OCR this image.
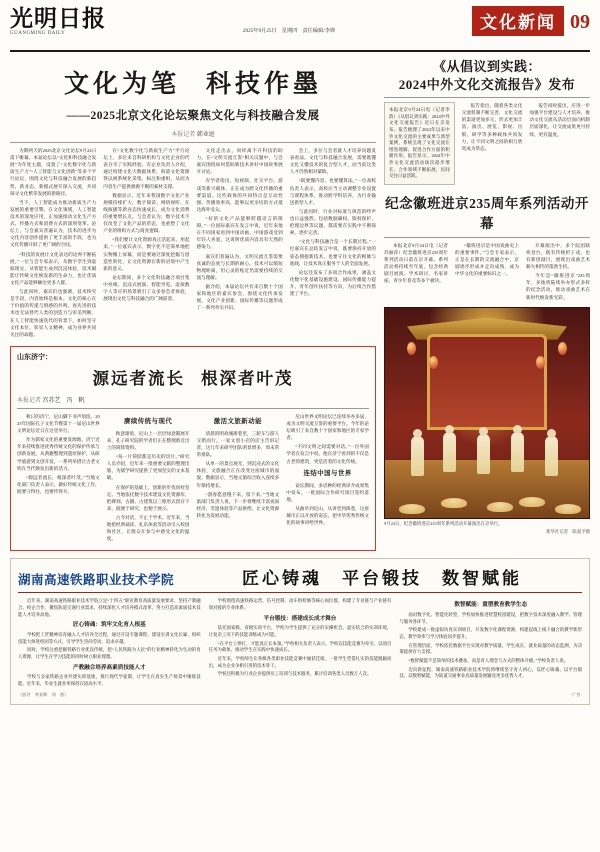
光明日报
GUANGMING DAILY	2025年9月25日　星期四　责任编辑/李婵	文化新闻 09
文化为笔 科技作墨
——2025北京文化论坛聚焦文化与科技融合发展
本报记者 韩业庭

为期两天的2025北京文化论坛9月24日落下帷幕。本届论坛以“文化和科技融合发展”为年度主题，设置了“文化数字化与新质生产力”“人工智能与文化创新”等多个平行论坛，围绕文化与科技融合发展的新趋势、新业态、新模式展开深入交流，共同探寻文化繁荣发展的新路径。

当下，人工智能成为推动新质生产力发展的重要引擎。在文化领域，人工智能技术的深度应用，正加速推动文化生产方式、传播方式和消费方式的深刻变革。论坛上，与会嘉宾普遍认为，技术的进步为文化内容创作提供了更丰富的手段，也为文化传播开辟了更广阔的空间。

“科技的发展让文化表达的边界不断拓展。”一位与会专家表示，从数字孪生到虚拟现实，从智能生成到沉浸体验，技术赋能让传统文化焕发新的生命力，也让优质文化产品能够触达更多人群。

与此同时，嘉宾们也强调，技术终究是手段，内容始终是根本。文化的核心在于价值的传递与情感的共鸣，再先进的技术也无法替代人类的创造力与审美判断。在人工智能快速迭代的背景下，如何坚守文化本位、彰显人文精神，成为业界共同关注的命题。

在“文化数字化与新质生产力”平行论坛上，多位来自科研机构与文化企业的代表分享了实践经验。有企业负责人介绍，通过构建文化大数据体系，海量文化资源得以被系统化采集、标注和重组，从而为内容生产提供源源不断的素材支撑。

数据显示，近年来我国数字文化产业规模持续扩大，数字阅读、网络视听、在线演播等新业态快速成长，成为文化消费的重要增长点。与会者认为，数字技术不仅改变了文化产品的形态，也重塑了文化产业的组织方式与商业逻辑。

“我们要让文化资源真正活起来、用起来。”一位嘉宾表示，数字化不是简单地把实物搬上屏幕，而是要通过深度挖掘与创造性转化，让文化资源在新的语境中产生新的意义。

论坛期间，多个文化科技融合项目集中亮相。沉浸式展演、智能导览、虚拟数字人等应用场景吸引了众多参会者体验，展现出文化与科技融合的广阔前景。

文化走出去，同样离不开科技的助力。在“文明交流互鉴”相关议题中，与会嘉宾围绕如何借助新技术讲好中国故事展开讨论。

有学者指出，短视频、社交平台、游戏等新兴载体，正在成为跨文化传播的重要渠道。这些载体的共同特点是互动性强、传播效率高，能够以更亲切的方式抵达海外受众。

“好的文化产品能够跨越语言的障碍。”一位国际嘉宾在发言中说，近年来他在不同国家看到中国动画、中国游戏受到年轻人喜爱，这说明优质内容具有天然的感染力。

嘉宾们普遍认为，文明交流互鉴需要真诚的态度与长期的耐心。技术可以缩短物理距离，但心灵的贴近仍需要持续的交流与理解。

据介绍，本届论坛共有来自数十个国家和地区的嘉宾参会，围绕文化传承发展、文化产业创新、国际传播等议题形成了一系列务实共识。

会上，多位与会者就人才培养问题发表看法。文化与科技融合发展，需要既懂文化又懂技术的复合型人才，而当前这类人才仍然相对紧缺。

“既要懂内容，也要懂算法。”一位高校负责人表示，高校应当主动调整专业设置与课程体系，推动跨学科培养，为行业输送新型人才。

与此同时，行业对标准与规范的呼声也日益强烈。包括数据确权、版权保护、伦理边界等议题，都需要在实践中不断探索、逐步完善。

“文化与科技融合是一个长期过程。”一位嘉宾在总结发言中说，既要保持开放的姿态拥抱新技术，也要守住文化的根脉与底线，让技术真正服务于人的全面发展。

论坛还发布了多项合作成果，涵盖文化数字化基础设施建设、国际传播能力提升、青年创作扶持等方向，为后续合作搭建了平台。

山东济宁：
源远者流长 根深者叶茂
本报记者 宫苏艺　冯　帆

秋日的济宁，尼山脚下书声琅琅。2025年国际孔子文化节暨第十一届尼山世界文明论坛近日在这里举行。

作为儒家文化的重要发源地，济宁近年来持续推进优秀传统文化的保护传承与创新发展。从典籍整理到遗址保护，从研学旅游到文创开发，一系列举措让古老文明在当代焕发出新的活力。

“源远者流长，根深者叶茂。”当地文化部门负责人表示，做好传统文化工作，既要守得住，也要传得开。

赓续传统与现代

秋意渐浓，尼山上一层层绿意铺展开来，孔子研究院的学者们正在整理新近出土的简牍资料。

“每一片简牍都是历史的切片。”研究人员介绍，近年来一批重要文献的整理出版，为儒学研究提供了更加坚实的文本基础。

在保护的基础上，创新的步伐同样坚定。当地依托数字技术建设文化资源库，把碑刻、古籍、古建筑以三维形式留存下来，既便于研究，也便于展示。

古今对话，不止于学术。近年来，当地把经典诵读、礼乐体验等活动引入校园和社区，让群众在参与中感受文化的温度。

激活文旅新动能

清晨的明故城街巷里，三轮车与游人交错而行。一家文创小店的店主告诉记者，这几年来研学团队明显增多，周末常常排队。

从单一的景点观光，到沉浸式的文化体验，文旅融合正在改变这座城市的面貌。数据显示，当地文旅综合收入连续多年保持增长。

“游客愿意慢下来，留下来。”当地文旅部门负责人说，下一步将继续丰富夜间经济、非遗体验等产品供给，让文化资源转化为发展动能。

尼山世界文明论坛已连续举办多届，成为文明交流互鉴的重要平台。今年的论坛吸引了来自数十个国家和地区的专家学者。

“不同文明之间需要对话。”一位外国学者在发言中说，他在济宁看到的不仅是古老的建筑，更是活着的文化传统。

连结中国与世界

论坛期间，多语种的经典译介成果集中发布，一批国际合作研究项目签约落地。

从曲阜到尼山，从讲堂到街巷，这座城市正以开放的姿态，把中华优秀传统文化的故事讲给世界。

《从倡议到实践：
2024中外文化交流报告》发布
本报北京9月24日电（记者李韵）《从倡议到实践：2024中外文化交流报告》近日在京发布。报告梳理了2024年以来中外文化交流的主要成果与典型案例，系统呈现了文化交流在增进理解、促进合作方面的积极作用。报告显示，2024年中外文化交流活动场次稳步增长，合作领域不断拓展，民间交往日益活跃。

报告指出，随着各类文化交流机制不断完善，文化交流的渠道更加多元、形式更加丰富。演出、展览、影视、出版、研学等多种载体共同发力，让不同文明之间的相互欣赏成为常态。

报告同时提出，应进一步加强平台建设与人才培养，推动文化交流从活动层面向机制层面深化，让交流成果更可持续、更有温度。

纪念徽班进京235周年系列活动开幕

本报北京9月24日电（记者苏丽萍）纪念徽班进京235周年系列活动日前在京开幕。系列活动将持续至年底，包含经典剧目展演、学术研讨、名家讲座、青少年普及等多个板块。

“徽班进京是中国戏曲史上的重要事件。”与会专家表示，正是在长期的交流融合中，京剧逐步形成并走向成熟，成为中华文化的重要标识之一。

开幕演出中，多个院团联袂登台，既有传统折子戏，也有新创剧目，展现出戏曲艺术薪火相传的蓬勃生机。

今年是“徽班进京”235周年，多地将陆续举办形式多样的纪念活动，推动戏曲艺术在新时代焕发新光彩。

9月24日，纪念徽班进京235周年系列活动开幕演出在京举行。
新华社记者　陈爱平摄
湖南高速铁路职业技术学院	匠心铸魂 平台锻技 数智赋能

近年来，湖南高速铁路职业技术学院立足“十四五”职业教育高质量发展要求，坚持产教融合、校企合作，聚焦轨道交通行业需求，持续深化人才培养模式改革，努力打造高素质技术技能人才培养高地。

匠心铸魂：筑牢文化育人根基

学校把工匠精神培育融入人才培养全过程，通过开设专题课程、建设实训文化长廊、组织技能大师进校园等方式，引导学生崇尚劳动、追求卓越。

同时，学校注重挖掘铁路行业优良传统，把“人民铁路为人民”的行业精神转化为生动的育人资源，让学生在学习技能的同时树立职业理想。

产教融合培养高素质技能人才

学校与多家铁路企业共建实训基地，推行现代学徒制，让学生在真实生产场景中锤炼技能。近年来，毕业生就业率保持在较高水平。

学校围绕高速铁路运营、信号控制、动车组检修等核心岗位群，构建了专业链与产业链有效对接的专业体系。

平台锻技：搭建成长成才舞台

依托国家级、省级实训平台，学校为学生提供了充分的实操机会。虚实结合的实训环境，让复杂工况下的技能训练成为可能。

“在平台上摔打，才能真正长本领。”学校相关负责人表示，学校以技能竞赛为牵引，以项目任务为载体，推动学生在实践中快速成长。

近年来，学校师生在各级各类职业技能竞赛中屡获佳绩，一批学生凭借扎实的技能脱颖而出，成为企业争相引进的技术骨干。

学校还积极为行业企业提供员工培训与技术服务，累计培训各类人员数万人次。

数智赋能：重塑教育教学生态

面对数字化、智能化转型，学校加快推进智慧校园建设，把数字技术深度融入教学、管理与服务各环节。

学校建成一批虚拟仿真实训项目，开发数字化课程资源，构建起线上线下融合的教学新形态，教学效率与学习体验同步提升。

在管理层面，学校依托数据平台实现对教学质量、学生成长、就业质量的动态监测，为决策提供有力支撑。

“数智赋能不是简单的技术叠加，而是育人理念与方式的整体升级。”学校负责人说。

迈向新征程，湖南高速铁路职业技术学院将继续坚守育人初心，以匠心铸魂、以平台锻技、以数智赋能，为轨道交通事业高质量发展输送更多优秀人才。

（彭芳　李亚辉　刘　茜）	·广告·
